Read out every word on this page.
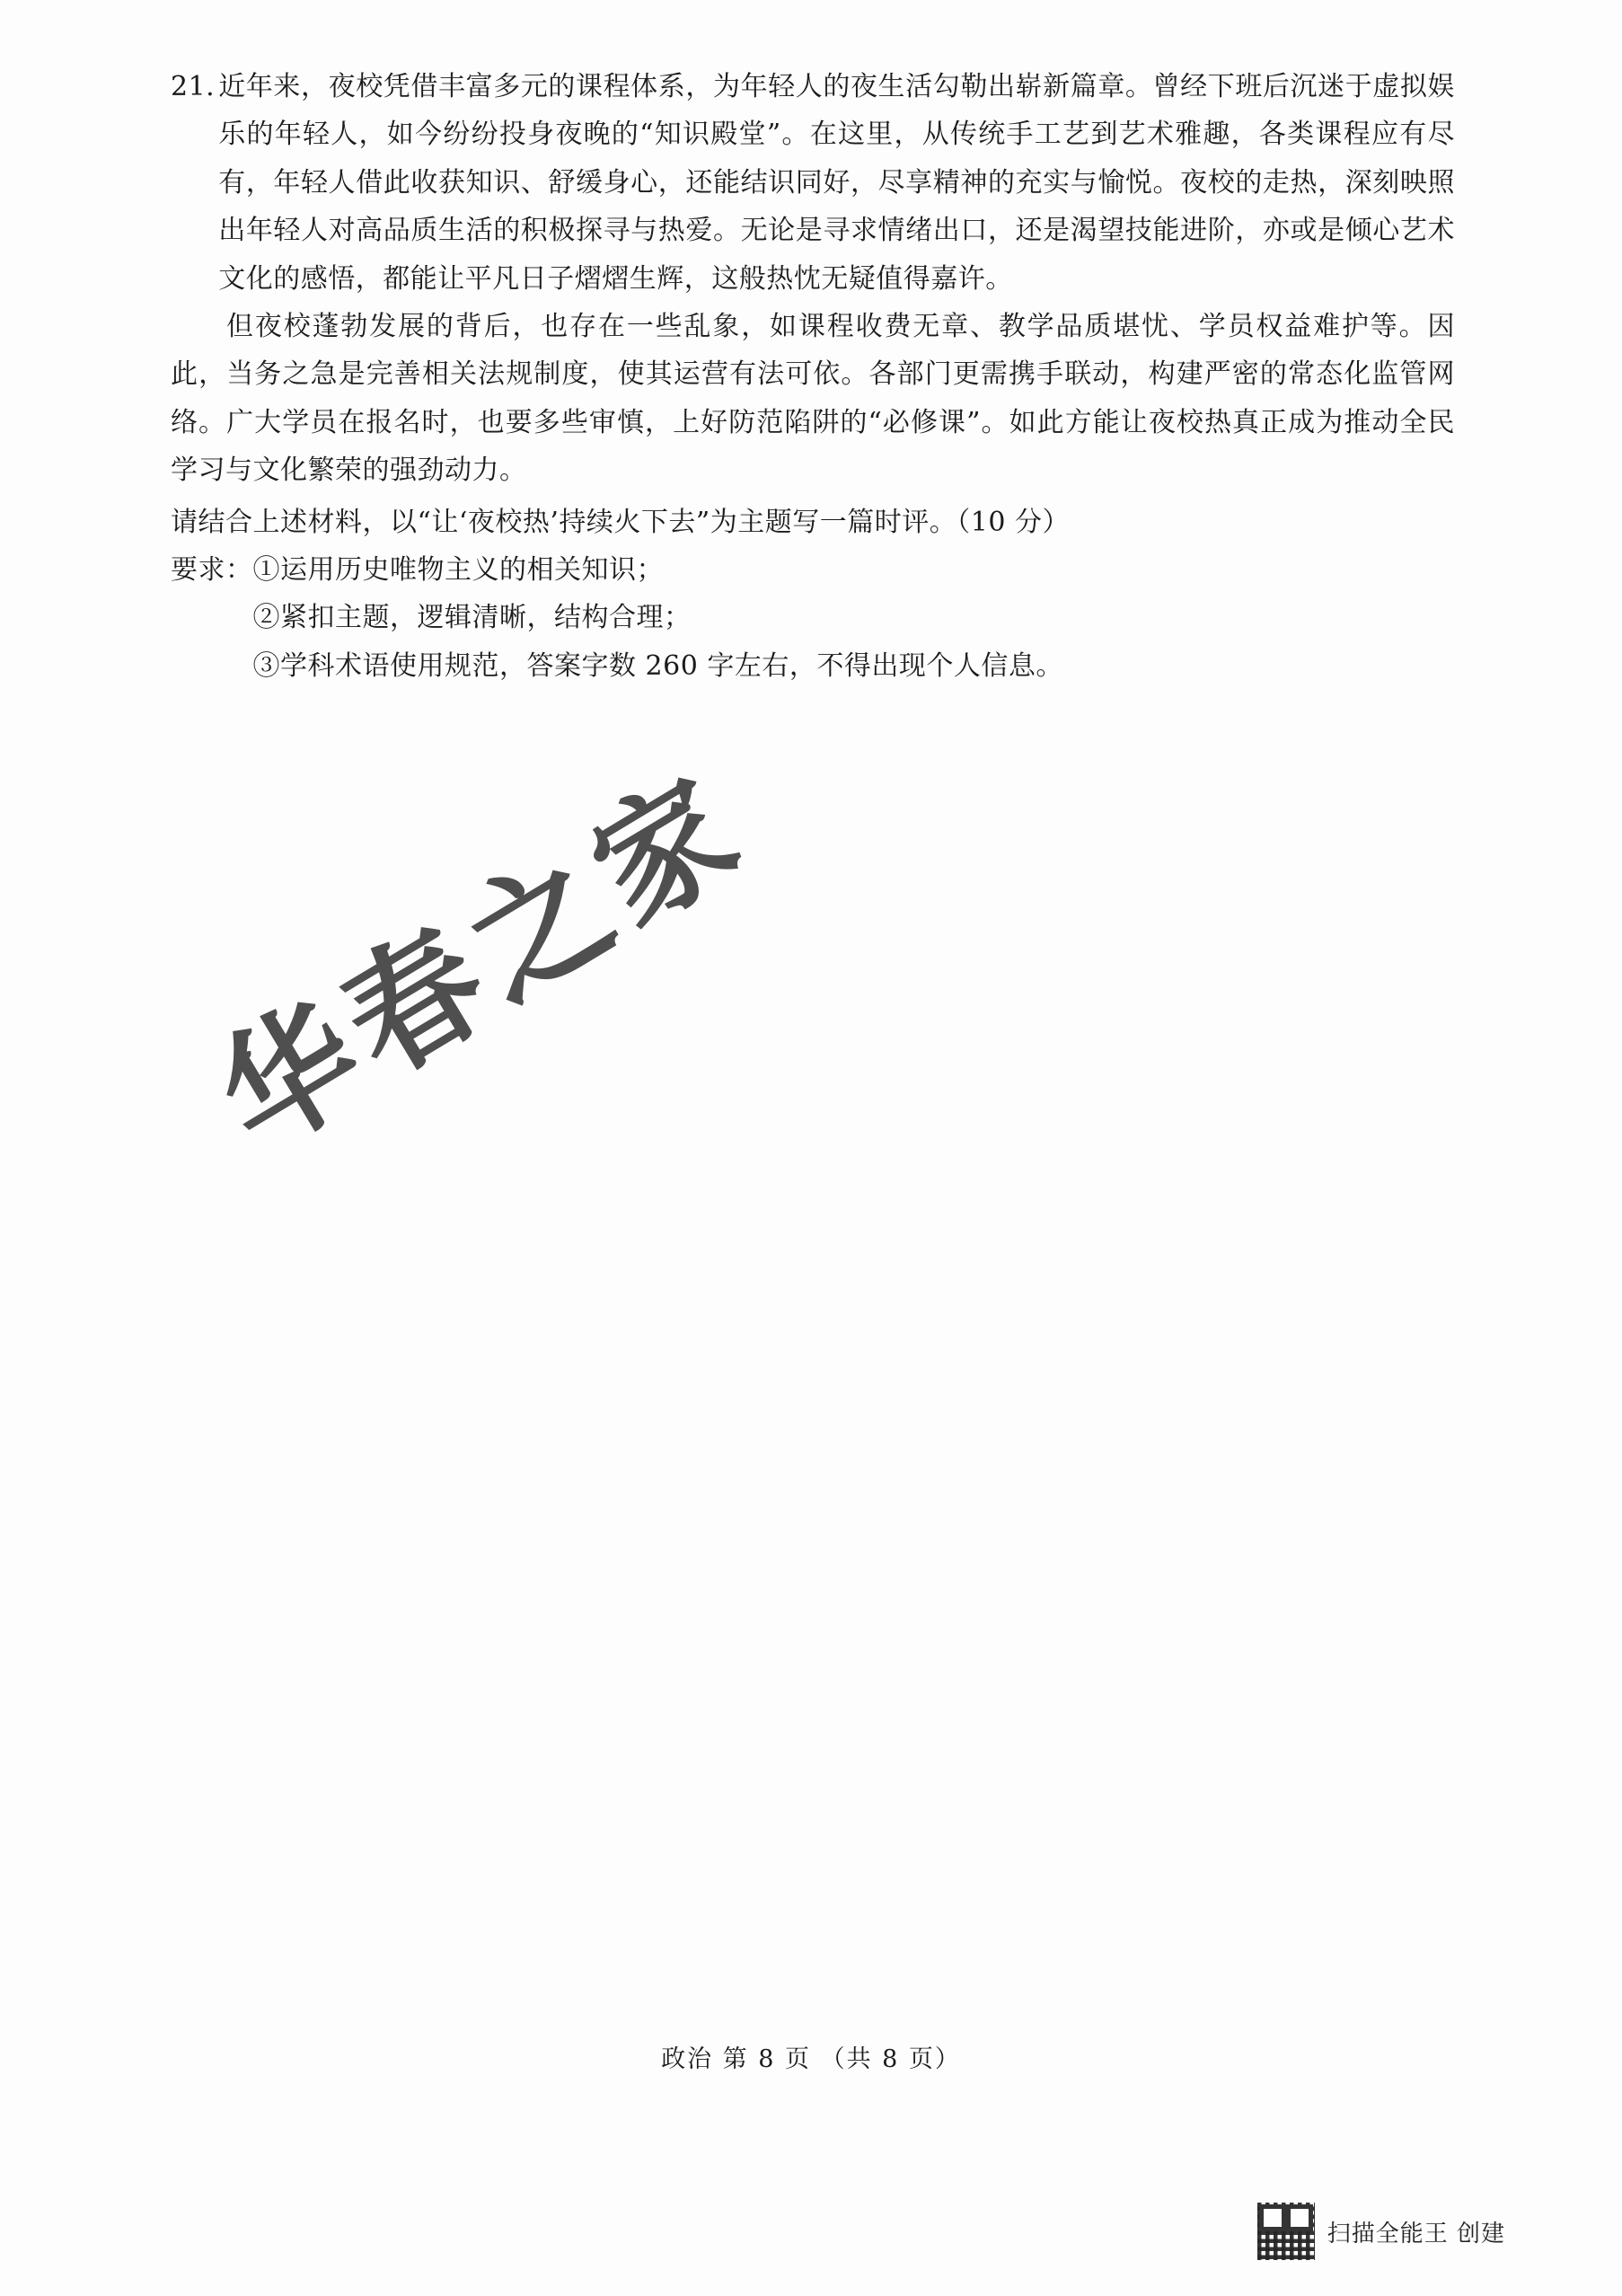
21. 近年来，夜校凭借丰富多元的课程体系，为年轻人的夜生活勾勒出崭新篇章。曾经下班后沉迷于虚拟娱乐的年轻人，如今纷纷投身夜晚的“知识殿堂”。在这里，从传统手工艺到艺术雅趣，各类课程应有尽有，年轻人借此收获知识、舒缓身心，还能结识同好，尽享精神的充实与愉悦。夜校的走热，深刻映照出年轻人对高品质生活的积极探寻与热爱。无论是寻求情绪出口，还是渴望技能进阶，亦或是倾心艺术文化的感悟，都能让平凡日子熠熠生辉，这般热忱无疑值得嘉许。
但夜校蓬勃发展的背后，也存在一些乱象，如课程收费无章、教学品质堪忧、学员权益难护等。因此，当务之急是完善相关法规制度，使其运营有法可依。各部门更需携手联动，构建严密的常态化监管网络。广大学员在报名时，也要多些审慎，上好防范陷阱的“必修课”。如此方能让夜校热真正成为推动全民学习与文化繁荣的强劲动力。
请结合上述材料，以“让‘夜校热’持续火下去”为主题写一篇时评。（10 分）
要求： ①运用历史唯物主义的相关知识；
②紧扣主题，逻辑清晰，结构合理；
③学科术语使用规范，答案字数 260 字左右，不得出现个人信息。
华春之家
政治 第 8 页 （共 8 页）
扫描全能王 创建
